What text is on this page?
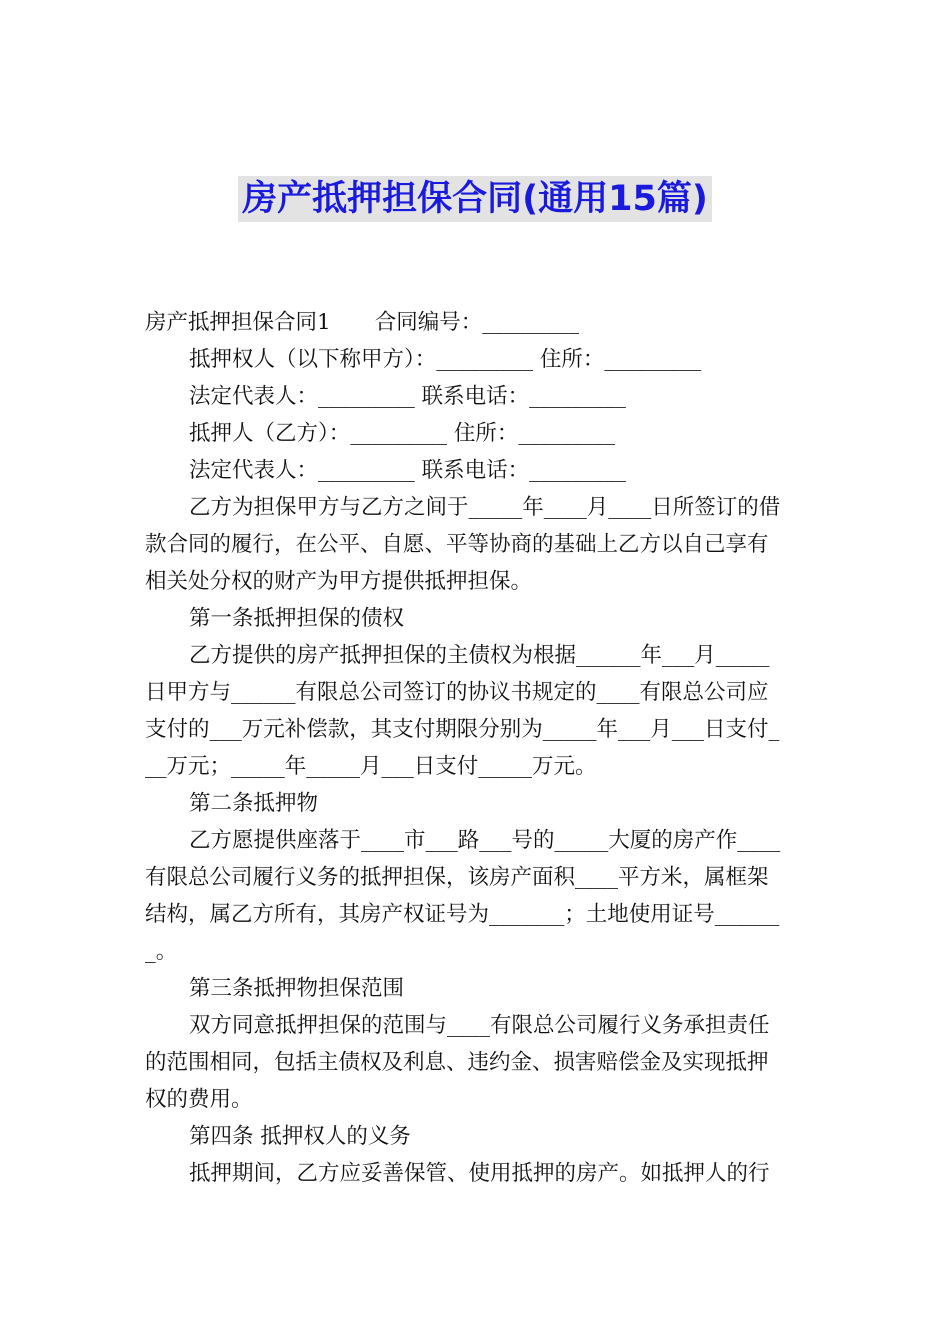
房产抵押担保合同(通用15篇)
房产抵押担保合同1 合同编号：_________
抵押权人（以下称甲方）：_________ 住所：_________
法定代表人：_________ 联系电话：_________
抵押人（乙方）：_________ 住所：_________
法定代表人：_________ 联系电话：_________
乙方为担保甲方与乙方之间于_____年____月____日所签订的借
款合同的履行，在公平、自愿、平等协商的基础上乙方以自己享有
相关处分权的财产为甲方提供抵押担保。
第一条抵押担保的债权
乙方提供的房产抵押担保的主债权为根据______年___月_____
日甲方与______有限总公司签订的协议书规定的____有限总公司应
支付的___万元补偿款，其支付期限分别为_____年___月___日支付_
__万元；_____年_____月___日支付_____万元。
第二条抵押物
乙方愿提供座落于____市___路___号的_____大厦的房产作____
有限总公司履行义务的抵押担保，该房产面积____平方米，属框架
结构，属乙方所有，其房产权证号为_______；土地使用证号______
_。
第三条抵押物担保范围
双方同意抵押担保的范围与____有限总公司履行义务承担责任
的范围相同，包括主债权及利息、违约金、损害赔偿金及实现抵押
权的费用。
第四条 抵押权人的义务
抵押期间，乙方应妥善保管、使用抵押的房产。如抵押人的行
